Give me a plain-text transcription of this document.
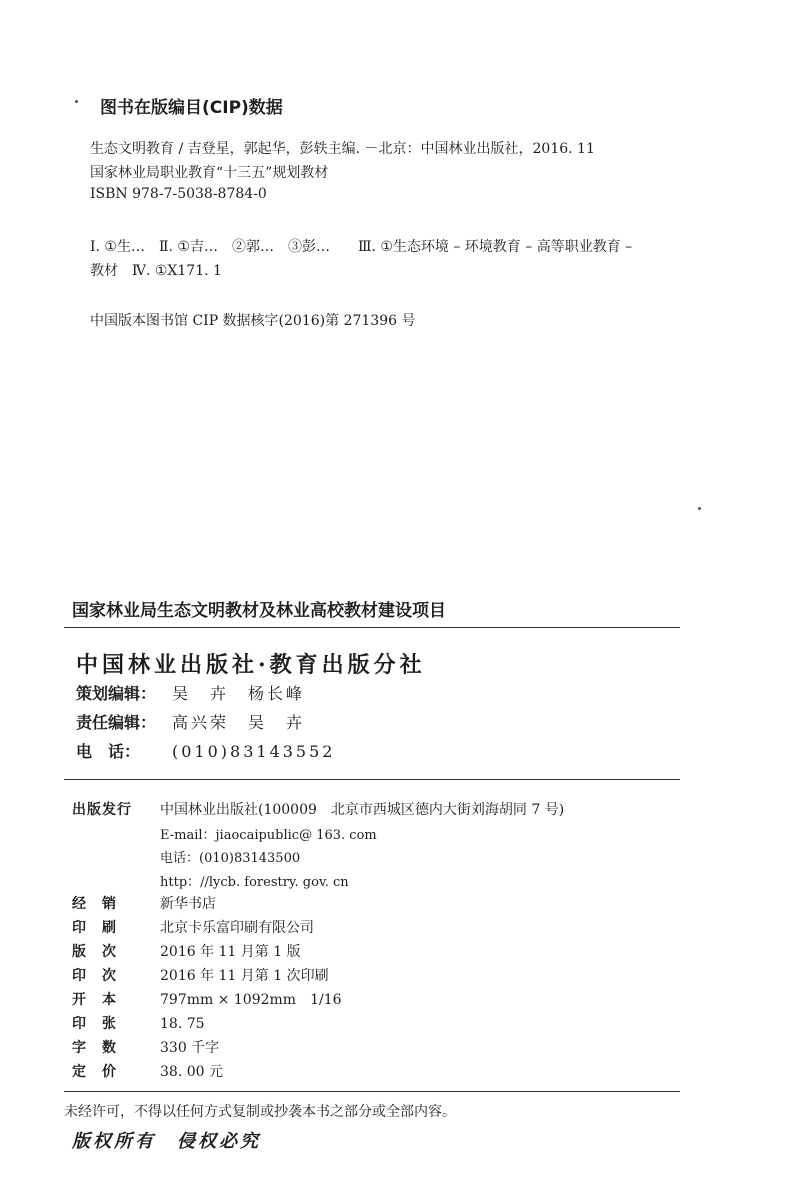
图书在版编目(CIP)数据
生态文明教育 / 吉登星，郭起华，彭轶主编. －北京：中国林业出版社，2016. 11
国家林业局职业教育“十三五”规划教材
ISBN 978-7-5038-8784-0
Ⅰ. ①生…　Ⅱ. ①吉…　②郭…　③彭…　　Ⅲ. ①生态环境 – 环境教育 – 高等职业教育 –
教材　Ⅳ. ①X171. 1
中国版本图书馆 CIP 数据核字(2016)第 271396 号
国家林业局生态文明教材及林业高校教材建设项目
中国林业出版社·教育出版分社
策划编辑： 吴　卉　杨长峰
责任编辑： 高兴荣　吴　卉
电　话： (010)83143552
出版发行 中国林业出版社(100009　北京市西城区德内大街刘海胡同 7 号)
E-mail：jiaocaipublic@ 163. com
电话：(010)83143500
http：//lycb. forestry. gov. cn
经　销	新华书店
印　刷	北京卡乐富印刷有限公司
版　次	2016 年 11 月第 1 版
印　次	2016 年 11 月第 1 次印刷
开　本	797mm × 1092mm　1/16
印　张	18. 75
字　数	330 千字
定　价	38. 00 元
未经许可，不得以任何方式复制或抄袭本书之部分或全部内容。
版权所有　侵权必究
